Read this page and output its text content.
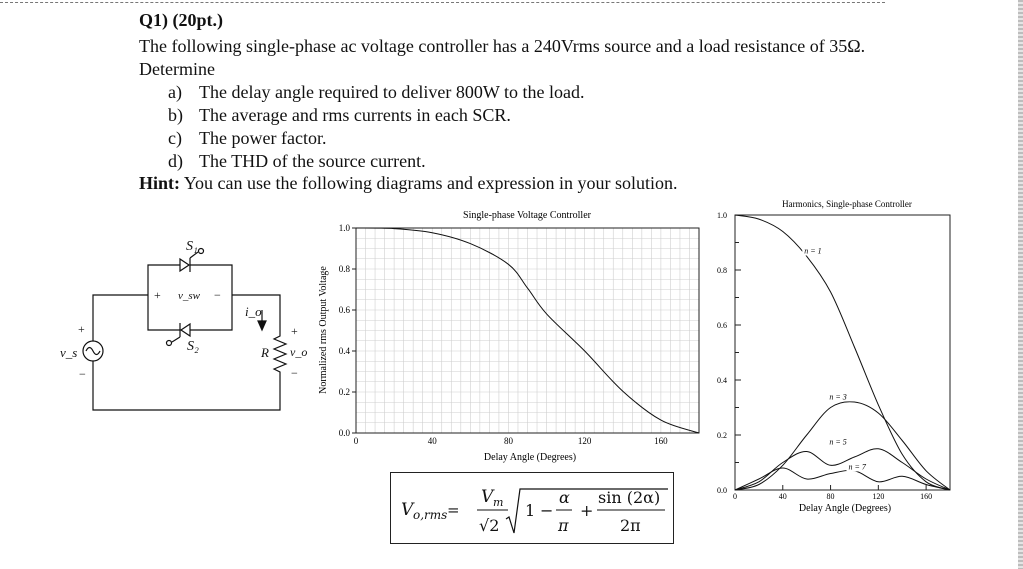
Q1) (20pt.)
The following single-phase ac voltage controller has a 240Vrms source and a load resistance of 35Ω. Determine
a) The delay angle required to deliver 800W to the load.
b) The average and rms currents in each SCR.
c) The power factor.
d) The THD of the source current.
Hint: You can use the following diagrams and expression in your solution.
S₁
S₂
+ v_sw −
v_s
+
−
i_o
R v_o
+
−
0	40	80	120	160
0.0
0.2
0.4
0.6
0.8
1.0
Single-phase Voltage Controller
Delay Angle (Degrees)
Normalized rms Output Voltage
0	40	80	120	160
0.0
0.2
0.4
0.6
0.8
1.0
n = 1
n = 3
n = 5
n = 7
Harmonics, Single-phase Controller
Delay Angle (Degrees)
V o,rms =
V m
√2
1 −
α
π
+
sin (2α)
2π
